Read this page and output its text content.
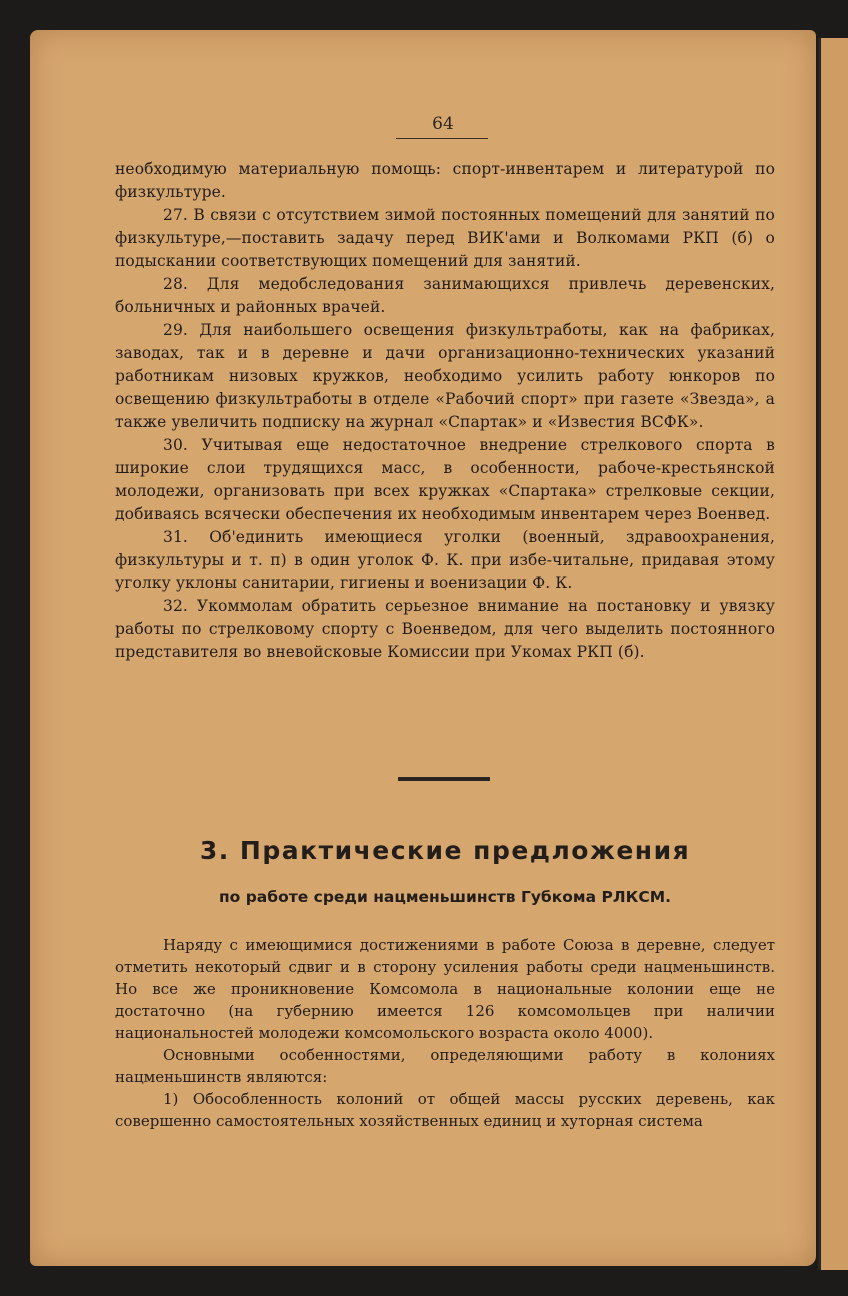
64

необходимую материальную помощь: спорт-инвентарем и литературой по физкультуре.

27. В связи с отсутствием зимой постоянных помещений для занятий по физкультуре,—поставить задачу перед ВИК'ами и Волкомами РКП (б) о подыскании соответствующих помещений для занятий.

28. Для медобследования занимающихся привлечь деревенских, больничных и районных врачей.

29. Для наибольшего освещения физкультработы, как на фабриках, заводах, так и в деревне и дачи организационно-технических указаний работникам низовых кружков, необходимо усилить работу юнкоров по освещению физкультработы в отделе «Рабочий спорт» при газете «Звезда», а также увеличить подписку на журнал «Спартак» и «Известия ВСФК».

30. Учитывая еще недостаточное внедрение стрелкового спорта в широкие слои трудящихся масс, в особенности, рабоче-крестьянской молодежи, организовать при всех кружках «Спартака» стрелковые секции, добиваясь всячески обеспечения их необходимым инвентарем через Военвед.

31. Об'единить имеющиеся уголки (военный, здравоохранения, физкультуры и т. п) в один уголок Ф. К. при избе-читальне, придавая этому уголку уклоны санитарии, гигиены и военизации Ф. К.

32. Укоммолам обратить серьезное внимание на постановку и увязку работы по стрелковому спорту с Военведом, для чего выделить постоянного представителя во вневойсковые Комиссии при Укомах РКП (б).

3. Практические предложения
по работе среди нацменьшинств Губкома РЛКСМ.

Наряду с имеющимися достижениями в работе Союза в деревне, следует отметить некоторый сдвиг и в сторону усиления работы среди нацменьшинств. Но все же проникновение Комсомола в национальные колонии еще не достаточно (на губернию имеется 126 комсомольцев при наличии национальностей молодежи комсомольского возраста около 4000).

Основными особенностями, определяющими работу в колониях нацменьшинств являются:

1) Обособленность колоний от общей массы русских деревень, как совершенно самостоятельных хозяйственных единиц и хуторная система
